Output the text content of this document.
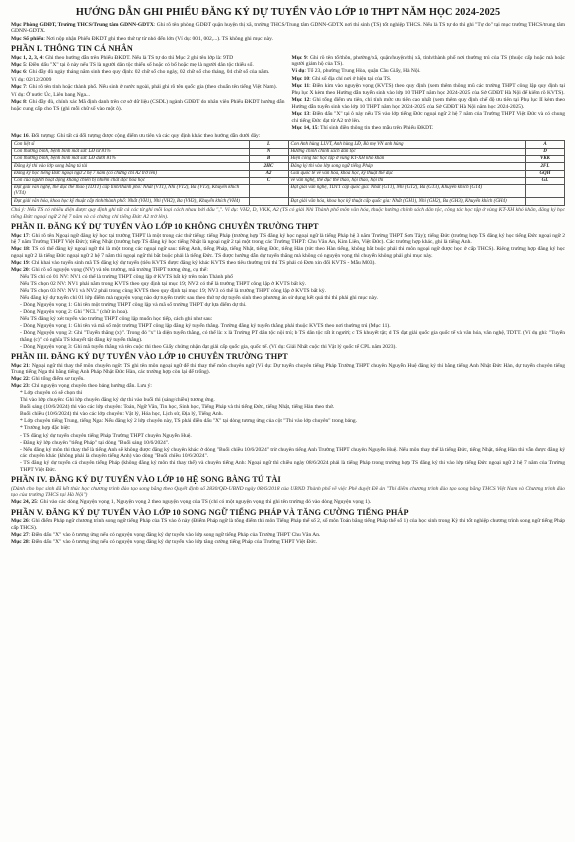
HƯỚNG DẪN GHI PHIẾU ĐĂNG KÝ DỰ TUYỂN VÀO LỚP 10 THPT NĂM HỌC 2024-2025

Mục Phòng GDĐT, Trường THCS/Trung tâm GDNN-GDTX: Ghi rõ tên phòng GDĐT quận huyện thị xã, trường THCS/Trung tâm GDNN-GDTX nơi thí sinh (TS) tốt nghiệp THCS. Nếu là TS tự do thì ghi "Tự do" tại mục trường THCS/trung tâm GDNN-GDTX.

Mục Số phiếu: Nơi nộp nhận Phiếu ĐKDT ghi theo thứ tự từ nhỏ đến lớn (Ví dụ: 001, 002,...). TS không ghi mục này.

PHẦN I. THÔNG TIN CÁ NHÂN

Mục 1, 2, 3, 4: Ghi theo hướng dẫn trên Phiếu ĐKDT. Nếu là TS tự do thì Mục 2 ghi tên lớp là: 9TD

Mục 5: Điền dấu "X" tại ô này nếu TS là người dân tộc thiểu số hoặc có bố hoặc mẹ là người dân tộc thiểu số.

Mục 6: Ghi đầy đủ ngày tháng năm sinh theo quy định: 02 chữ số cho ngày, 02 chữ số cho tháng, 04 chữ số của năm.

Ví dụ: 02/12/2009

Mục 7: Ghi rõ tên tỉnh hoặc thành phố. Nếu sinh ở nước ngoài, phải ghi rõ tên quốc gia (theo chuẩn tên tiếng Việt Nam).

Ví dụ: Ở nước Úc, Liên bang Nga...

Mục 8: Ghi đầy đủ, chính xác Mã định danh trên cơ sở dữ liệu (CSDL) ngành GDĐT do nhân viên Phiếu ĐKDT hướng dẫn hoặc cung cấp cho TS (ghi mỗi chữ số vào một ô).

Mục 9: Ghi rõ tên tổ/thôn, phường/xã, quận/huyện/thị xã, tỉnh/thành phố nơi thường trú của TS (thuộc cấp hoặc mà hoặc người giám hộ của TS).

Ví dụ: Tổ 23, phường Trung Hòa, quận Cầu Giấy, Hà Nội.

Mục 10: Ghi số địa chỉ nơi ở hiện tại của TS.

Mục 11: Điền kim vào nguyện vọng (KVTS) theo quy định (xem thêm thông mũ các trường THPT công lập quy định tại Phụ lục X kèm theo Hướng dẫn tuyển sinh vào lớp 10 THPT năm học 2024-2025 của Sở GDĐT Hà Nội để kiểm rõ KVTS).

Mục 12: Ghi tổng điểm ưu tiên, chỉ tính mức ưu tiên cao nhất (xem thêm quy định chế độ ưu tiên tại Phụ lục II kèm theo Hướng dẫn tuyển sinh vào lớp 10 THPT năm học 2024-2025 của Sở GDĐT Hà Nội năm học 2024-2025).

Mục 13: Điền dấu "X" tại ô này nếu TS vào lớp tiếng Đức ngoại ngữ 2 hệ 7 năm của Trường THPT Việt Đức và có chung chỉ tiếng Đức đạt từ A2 trở lên.

Mục 14, 15: Thí sinh điền thông tin theo mẫu trên Phiếu ĐKDT.

Mục 16. Đối tượng: Ghi tất cả đối tượng được cộng điểm ưu tiên và các quy định khác theo hướng dẫn dưới đây:

Con liệt sĩ	L	Con Anh hùng LLVT, Anh hùng LĐ, Bà mẹ VN anh hùng	A
Con thương binh, bệnh binh mất sức LĐ từ 81%	N	Hướng chính chính sách dân tộc	D
Con thương binh, bệnh binh mất sức LĐ dưới 81%	B	Hiện công tác học tập ở vùng KT-XH khó khăn	VKK
Đăng ký thi vào lớp song bằng tú tài	2HC	Đăng ký thi vào lớp song ngữ tiếng Pháp	2FL
Đăng ký học tiếng Đức ngoại ngữ 2 hệ 7 năm (có chứng chỉ A2 trở lên)	A2	Giải quốc tế về văn hóa, khoa học, kỹ thuật thể dục	GQH
Con của người hoạt động kháng chiến bị nhiễm chất độc hóa học	C	về văn nghệ, thể dục thể thao, hội thao, hội thi	GL
Đạt giải văn nghệ, thể dục thể thao (TDTT) cấp tỉnh/thành phố: Nhất (VT1), Nhì (VT2), Ba (VT3), Khuyến khích (VT4)		Đạt giải văn nghệ, TDTT cấp quốc gia: Nhất (GT1), Nhì (GT2), Ba (GT3), Khuyến khích (GT4)	
Đạt giải văn hóa, khoa học kỹ thuật cấp tỉnh/thành phố: Nhất (VH1), Nhì (VH2), Ba (VH3), Khuyến khích (VH4)		Đạt giải văn hóa, khoa học kỹ thuật cấp quốc gia: Nhất (GH1), Nhì (GH2), Ba (GH3), Khuyến khích (GH4)	

Chú ý: Nếu TS có nhiều diện được quy định ghi tất cả các từ ghi mỗi loại cách nhau bởi dấu ",". Ví dụ: VH2, D, VKK, A2 (TS có giải Nhì Thành phố môn văn hóa, thuộc hướng chính sách dân tộc, công tác học tập ở vùng KT-XH khó khăn, đăng ký học tiếng Đức ngoại ngữ 2 hệ 7 năm và có chứng chỉ tiếng Đức A2 trở lên).

PHẦN II. ĐĂNG KÝ DỰ TUYỂN VÀO LỚP 10 KHÔNG CHUYÊN TRƯỜNG THPT

Mục 17: Ghi rõ tên Ngoại ngữ đăng ký học tại trường THPT là một trong các thứ tiếng: tiếng Pháp (trường hợp TS đăng ký học ngoại ngữ là tiếng Pháp hệ 3 năm Trường THPT Sơn Tây); tiếng Đức (trường hợp TS đăng ký học tiếng Đức ngoại ngữ 2 hệ 7 năm Trường THPT Việt Đức); tiếng Nhật (trường hợp TS đăng ký học tiếng Nhật là ngoại ngữ 2 tại một trong các Trường THPT: Chu Văn An, Kim Liên, Việt Đức). Các trường hợp khác, ghi là tiếng Anh.

Mục 18: TS có thể đăng ký ngoại ngữ thi là một trong các ngoại ngữ sau: tiếng Anh, tiếng Pháp, tiếng Nhật, tiếng Đức, tiếng Hàn (tức theo Hàn tiếng, không bắt buộc phải thi môn ngoại ngữ được học ở cấp THCS). Riêng trường hợp đăng ký học ngoại ngữ 2 là tiếng Đức ngoại ngữ 2 hệ 7 năm thì ngoại ngữ thi bắt buộc phải là tiếng Đức. TS được hướng dẫn dự tuyển thẳng mà không có nguyện vọng thì chuyển không phải ghi mục này.

Mục 19: Chỉ khai vào tuyển sinh mã TS đăng ký dự tuyển (tiêu KVTS được đăng ký khác KVTS theo tiêu thường trú thì TS phải có Đơn xin đổi KVTS - Mẫu M03).

Mục 20: Ghi rõ số nguyện vọng (NV) và tên trường, mã trường THPT tương ứng, cụ thể:

Nếu TS chỉ có 01 NV: NV1 có thể là trường THPT công lập ở KVTS bất kỳ trên toàn Thành phố

Nếu TS chọn 02 NV: NV1 phải nằm trong KVTS theo quy định tại mục 19; NV2 có thể là trường THPT công lập ở KVTS bất kỳ.

Nếu TS chọn 03 NV: NV1 và NV2 phải trong cùng KVTS theo quy định tại mục 19; NV3 có thể là trường THPT công lập ở KVTS bất kỳ.

Nếu đăng ký dự tuyển chỉ 01 lớp điểm mà nguyện vọng nào dự tuyển trước sau theo thứ tự dự tuyển sinh theo phương án sử dụng kết quả thi thì phải ghi mục này.

- Dòng Nguyện vọng 1: Ghi tên một trường THPT công lập và mã số trường THPT dự lựa điểm dự thi.

- Dòng Nguyện vọng 2: Ghi "NCL" (chữ in hoa).

Nếu TS đăng ký xét tuyển vào trường THPT công lập muốn học tiếp, cách ghi như sau:

- Dòng Nguyện vọng 1: Ghi tên và mã số một trường THPT công lập đăng ký tuyển thẳng. Trường đăng ký tuyển thẳng phải thuộc KVTS theo nơi thường trú (Mục 11).

- Dòng Nguyện vọng 2: Ghi "Tuyển thẳng (x)". Trong đó "x" là diện tuyển thẳng, có thể là: x là Trường PT dân tộc nội trú; b TS dân tộc rất ít người; c TS khuyết tật; d TS đạt giải quốc gia quốc tế và văn hóa, văn nghệ, TDTT. (Ví dụ ghi: "Tuyển thẳng (c)" có nghĩa TS khuyết tật đăng ký tuyển thẳng).

- Dòng Nguyện vọng 3: Ghi mã tuyển thẳng và tên cuộc thi theo Giấy chứng nhận đạt giải cấp quốc gia, quốc tế. (Ví dụ: Giải Nhất cuộc thi Vật lý quốc tế CPL năm 2023).

PHẦN III. ĐĂNG KÝ DỰ TUYỂN VÀO LỚP 10 CHUYÊN TRƯỜNG THPT

Mục 21: Ngoại ngữ thi thay thế môn chuyên ngữ: TS ghi tên môn ngoại ngữ để thi thay thế môn chuyên ngữ (Ví dụ: Dự tuyển chuyên tiếng Pháp Trường THPT chuyên Nguyễn Huệ đăng ký thi bằng tiếng Anh Nhật Đức Hàn, dự tuyển chuyên tiếng Trung tiếng Nga thi bằng tiếng Anh Pháp Nhật Đức Hàn, các trường hợp còn lại để trống).

Mục 22: Ghi tổng điểm sơ tuyển.

Mục 23: Chỉ nguyện vọng chuyên theo bảng hướng dẫn. Lưu ý:

* Lớp chuyên có sẽ chọn thi

Thi vào lớp chuyên: Ghi lớp chuyên đăng ký dự thi vào buổi thi (sáng/chiều) tương ứng.

Buổi sáng (10/6/2024) thi vào các lớp chuyên: Toán, Ngữ Văn, Tin học, Sinh học, Tiếng Pháp và thi tiếng Đức, tiếng Nhật, tiếng Hàn theo thứ.

Buổi chiều (10/6/2024) thi vào các lớp chuyên: Vật lý, Hóa học, Lịch sử, Địa lý, Tiếng Anh.

* Lớp chuyên tiếng Trung, tiếng Nga: Nếu đăng ký 2 lớp chuyên này, TS phải điền dấu "X" tại dòng tương ứng của cột "Thi vào lớp chuyên" trong bảng.

* Trường hợp đặc biệt:

- TS đăng ký dự tuyển chuyên tiếng Pháp Trường THPT chuyên Nguyễn Huệ.

- Đăng ký lớp chuyên "tiếng Pháp" tại dòng "Buổi sáng 10/6/2024".

- Nếu đăng ký môn thi thay thế là tiếng Anh sẽ không được đăng ký chuyên khác ở dòng "Buổi chiều 10/6/2024" trừ chuyên tiếng Anh Trường THPT chuyên Nguyễn Huệ. Nếu môn thay thế là tiếng Đức, tiếng Nhật, tiếng Hàn thì vẫn được đăng ký các chuyên khác (không phải là chuyên tiếng Anh) vào dòng "Buổi chiều 10/6/2024".

- TS đăng ký dự tuyển cả chuyên tiếng Pháp (không đăng ký môn thi thay thế) và chuyên tiếng Anh: Ngoại ngữ thì chiều ngày 08/6/2024 phải là tiếng Pháp trong trường hợp TS đăng ký thi vào lớp tiếng Đức ngoại ngữ 2 hệ 7 năm của Trường THPT Việt Đức.

PHẦN IV. ĐĂNG KÝ DỰ TUYỂN VÀO LỚP 10 HỆ SONG BẰNG TÚ TÀI

(Dành cho học sinh đã kết thúc học chương trình đào tạo song bằng theo Quyết định số 2830/QĐ-UBND ngày 08/6/2018 của UBND Thành phố về việc Phê duyệt Đề án "Thí điểm chương trình đào tạo song bằng THCS Việt Nam và Chương trình đào tạo của trường THCS tại Hà Nội")

Mục 24, 25: Ghi vào các dòng Nguyện vọng 1, Nguyện vọng 2 theo nguyện vọng của TS (chỉ có một nguyện vọng thì ghi tên trường đó vào dòng Nguyện vọng 1).

PHẦN V. ĐĂNG KÝ DỰ TUYỂN VÀO LỚP 10 SONG NGỮ TIẾNG PHÁP VÀ TĂNG CƯỜNG TIẾNG PHÁP

Mục 26: Ghi điểm Pháp ngữ chương trình song ngữ tiếng Pháp của TS vào ô này (Điểm Pháp ngữ là tổng điểm thi môn Tiếng Pháp thể số 2, số môn Toán bằng tiếng Pháp thể số 1) của học sinh trong Kỳ thi tốt nghiệp chương trình song ngữ tiếng Pháp cấp THCS).

Mục 27: Điền dấu "X" vào ô tương ứng nếu có nguyện vọng đăng ký dự tuyển vào lớp song ngữ tiếng Pháp của Trường THPT Chu Văn An.

Mục 28: Điền dấu "X" vào ô tương ứng nếu có nguyện vọng đăng ký dự tuyển vào lớp tăng cường tiếng Pháp của Trường THPT Việt Đức.
